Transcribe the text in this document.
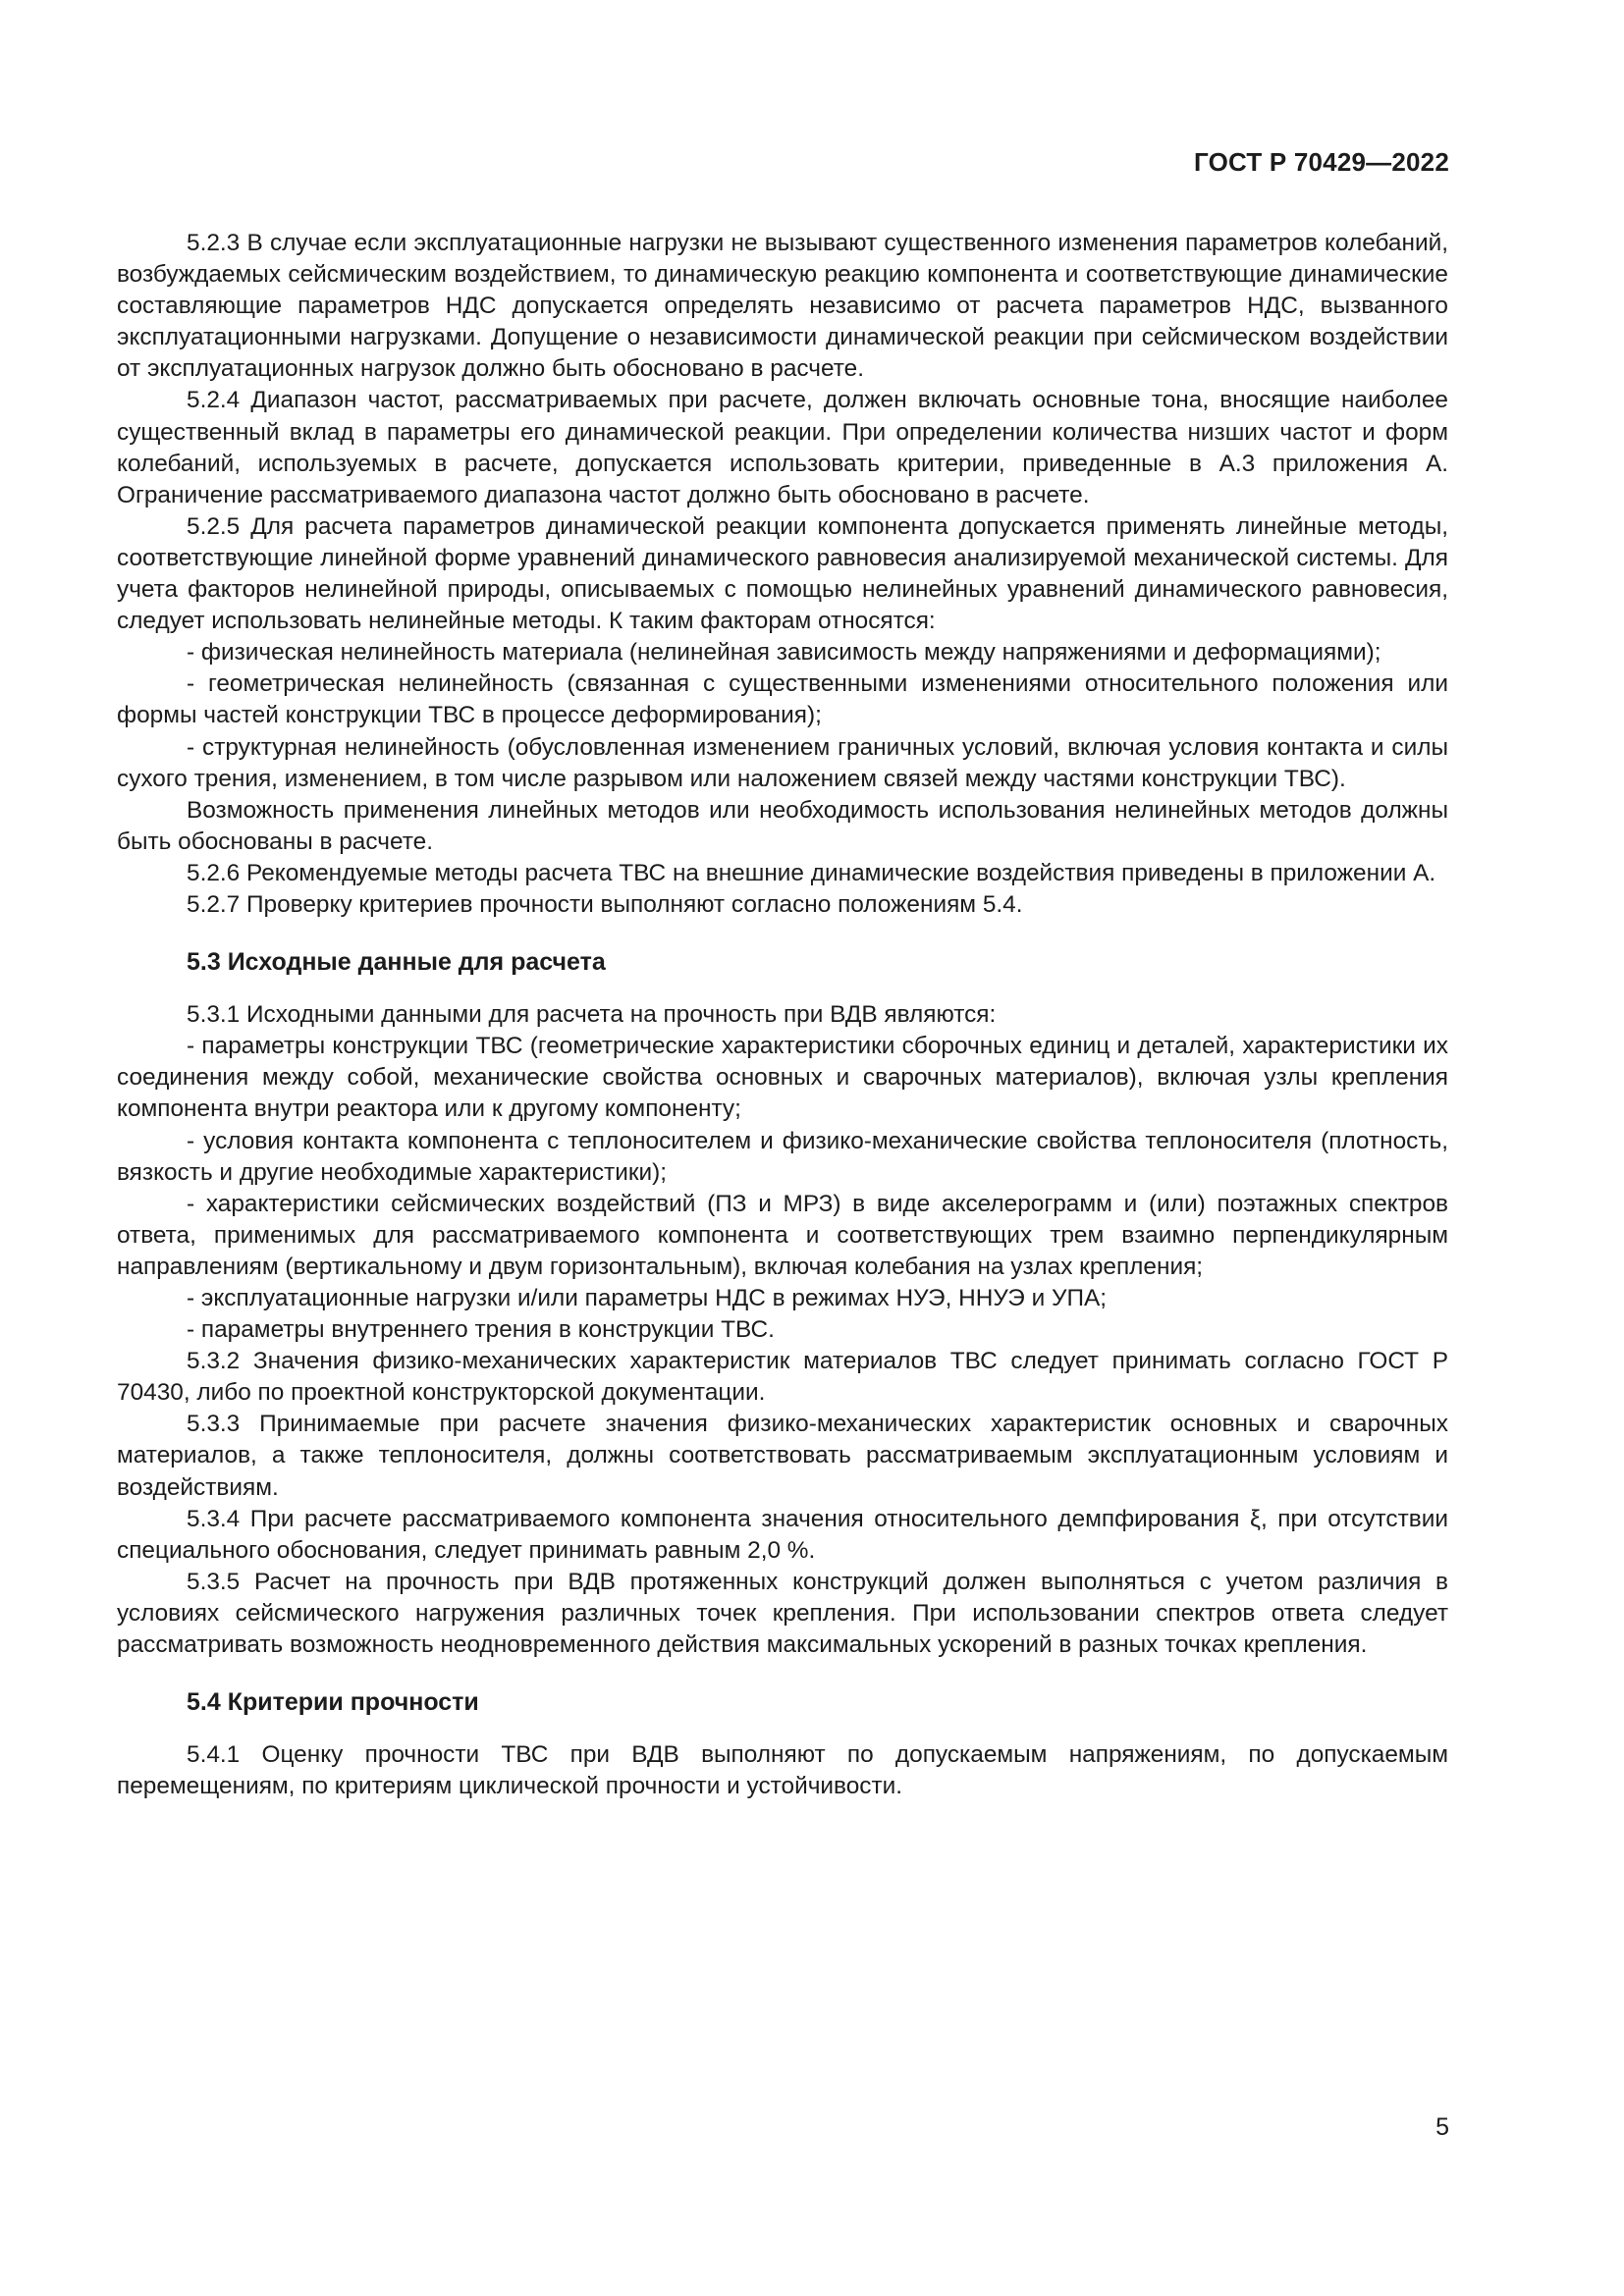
ГОСТ Р 70429—2022

5.2.3 В случае если эксплуатационные нагрузки не вызывают существенного изменения параметров колебаний, возбуждаемых сейсмическим воздействием, то динамическую реакцию компонента и соответствующие динамические составляющие параметров НДС допускается определять независимо от расчета параметров НДС, вызванного эксплуатационными нагрузками. Допущение о независимости динамической реакции при сейсмическом воздействии от эксплуатационных нагрузок должно быть обосновано в расчете.

5.2.4 Диапазон частот, рассматриваемых при расчете, должен включать основные тона, вносящие наиболее существенный вклад в параметры его динамической реакции. При определении количества низших частот и форм колебаний, используемых в расчете, допускается использовать критерии, приведенные в А.3 приложения А. Ограничение рассматриваемого диапазона частот должно быть обосновано в расчете.

5.2.5 Для расчета параметров динамической реакции компонента допускается применять линейные методы, соответствующие линейной форме уравнений динамического равновесия анализируемой механической системы. Для учета факторов нелинейной природы, описываемых с помощью нелинейных уравнений динамического равновесия, следует использовать нелинейные методы. К таким факторам относятся:

- физическая нелинейность материала (нелинейная зависимость между напряжениями и деформациями);

- геометрическая нелинейность (связанная с существенными изменениями относительного положения или формы частей конструкции ТВС в процессе деформирования);

- структурная нелинейность (обусловленная изменением граничных условий, включая условия контакта и силы сухого трения, изменением, в том числе разрывом или наложением связей между частями конструкции ТВС).

Возможность применения линейных методов или необходимость использования нелинейных методов должны быть обоснованы в расчете.

5.2.6 Рекомендуемые методы расчета ТВС на внешние динамические воздействия приведены в приложении А.

5.2.7 Проверку критериев прочности выполняют согласно положениям 5.4.

5.3 Исходные данные для расчета

5.3.1 Исходными данными для расчета на прочность при ВДВ являются:

- параметры конструкции ТВС (геометрические характеристики сборочных единиц и деталей, характеристики их соединения между собой, механические свойства основных и сварочных материалов), включая узлы крепления компонента внутри реактора или к другому компоненту;

- условия контакта компонента с теплоносителем и физико-механические свойства теплоносителя (плотность, вязкость и другие необходимые характеристики);

- характеристики сейсмических воздействий (ПЗ и МРЗ) в виде акселерограмм и (или) поэтажных спектров ответа, применимых для рассматриваемого компонента и соответствующих трем взаимно перпендикулярным направлениям (вертикальному и двум горизонтальным), включая колебания на узлах крепления;

- эксплуатационные нагрузки и/или параметры НДС в режимах НУЭ, ННУЭ и УПА;

- параметры внутреннего трения в конструкции ТВС.

5.3.2 Значения физико-механических характеристик материалов ТВС следует принимать согласно ГОСТ Р 70430, либо по проектной конструкторской документации.

5.3.3 Принимаемые при расчете значения физико-механических характеристик основных и сварочных материалов, а также теплоносителя, должны соответствовать рассматриваемым эксплуатационным условиям и воздействиям.

5.3.4 При расчете рассматриваемого компонента значения относительного демпфирования ξ, при отсутствии специального обоснования, следует принимать равным 2,0 %.

5.3.5 Расчет на прочность при ВДВ протяженных конструкций должен выполняться с учетом различия в условиях сейсмического нагружения различных точек крепления. При использовании спектров ответа следует рассматривать возможность неодновременного действия максимальных ускорений в разных точках крепления.

5.4 Критерии прочности

5.4.1 Оценку прочности ТВС при ВДВ выполняют по допускаемым напряжениям, по допускаемым перемещениям, по критериям циклической прочности и устойчивости.

5
